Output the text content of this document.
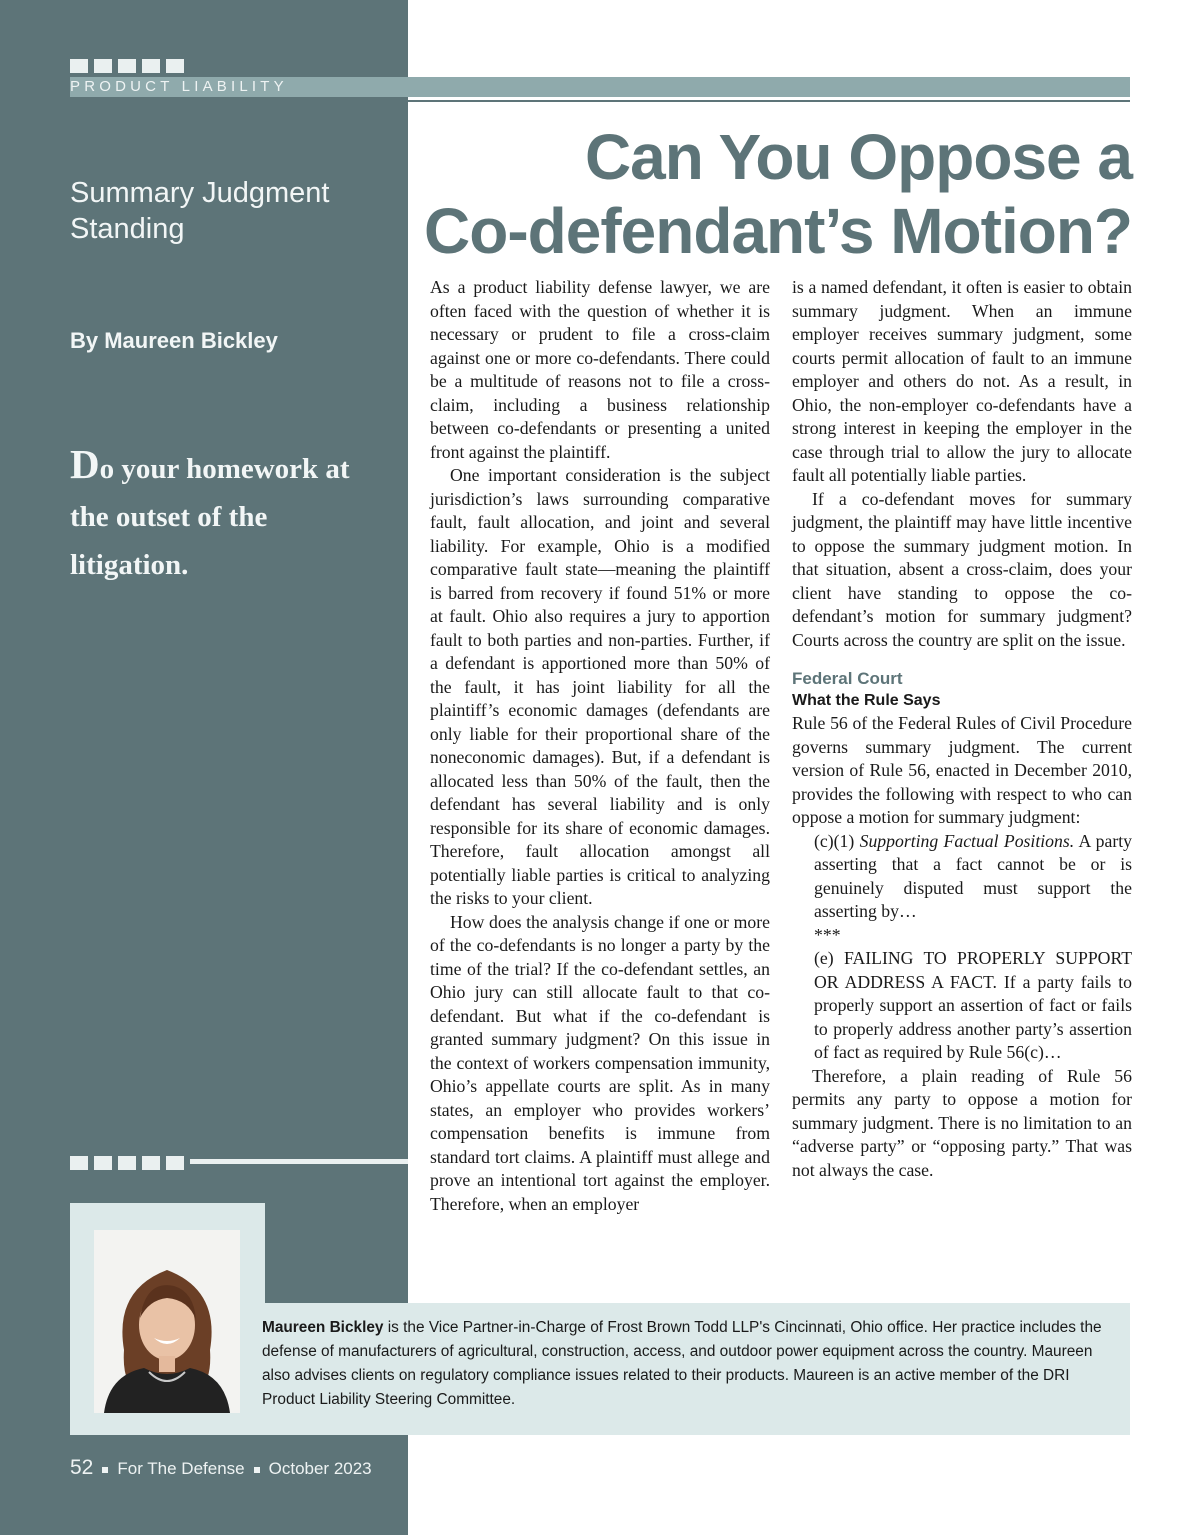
PRODUCT LIABILITY
Summary Judgment Standing
By Maureen Bickley
Do your homework at the outset of the litigation.
Can You Oppose a
Co-defendant’s Motion?

As a product liability defense lawyer, we are often faced with the question of whether it is necessary or prudent to file a cross-claim against one or more co-defendants. There could be a multitude of reasons not to file a cross-claim, including a business relationship between co-defendants or presenting a united front against the plaintiff.

One important consideration is the subject jurisdiction’s laws surrounding comparative fault, fault allocation, and joint and several liability. For example, Ohio is a modified comparative fault state—meaning the plaintiff is barred from recovery if found 51% or more at fault. Ohio also requires a jury to apportion fault to both parties and non-parties. Further, if a defendant is apportioned more than 50% of the fault, it has joint liability for all the plaintiff’s economic damages (defendants are only liable for their proportional share of the noneconomic damages). But, if a defendant is allocated less than 50% of the fault, then the defendant has several liability and is only responsible for its share of economic damages. Therefore, fault allocation amongst all potentially liable parties is critical to analyzing the risks to your client.

How does the analysis change if one or more of the co-defendants is no longer a party by the time of the trial? If the co-defendant settles, an Ohio jury can still allocate fault to that co-defendant. But what if the co-defendant is granted summary judgment? On this issue in the context of workers compensation immunity, Ohio’s appellate courts are split. As in many states, an employer who provides workers’ compensation benefits is immune from standard tort claims. A plaintiff must allege and prove an intentional tort against the employer. Therefore, when an employer

is a named defendant, it often is easier to obtain summary judgment. When an immune employer receives summary judgment, some courts permit allocation of fault to an immune employer and others do not. As a result, in Ohio, the non-employer co-defendants have a strong interest in keeping the employer in the case through trial to allow the jury to allocate fault all potentially liable parties.

If a co-defendant moves for summary judgment, the plaintiff may have little incentive to oppose the summary judgment motion. In that situation, absent a cross-claim, does your client have standing to oppose the co-defendant’s motion for summary judgment? Courts across the country are split on the issue.

Federal Court
What the Rule Says

Rule 56 of the Federal Rules of Civil Procedure governs summary judgment. The current version of Rule 56, enacted in December 2010, provides the following with respect to who can oppose a motion for summary judgment:

(c)(1) Supporting Factual Positions. A party asserting that a fact cannot be or is genuinely disputed must support the asserting by…

***

(e) FAILING TO PROPERLY SUPPORT OR ADDRESS A FACT. If a party fails to properly support an assertion of fact or fails to properly address another party’s assertion of fact as required by Rule 56(c)…

Therefore, a plain reading of Rule 56 permits any party to oppose a motion for summary judgment. There is no limitation to an “adverse party” or “opposing party.” That was not always the case.

Maureen Bickley is the Vice Partner-in-Charge of Frost Brown Todd LLP's Cincinnati, Ohio office. Her practice includes the defense of manufacturers of agricultural, construction, access, and outdoor power equipment across the country. Maureen also advises clients on regulatory compliance issues related to their products. Maureen is an active member of the DRI Product Liability Steering Committee.
52 For The Defense October 2023
